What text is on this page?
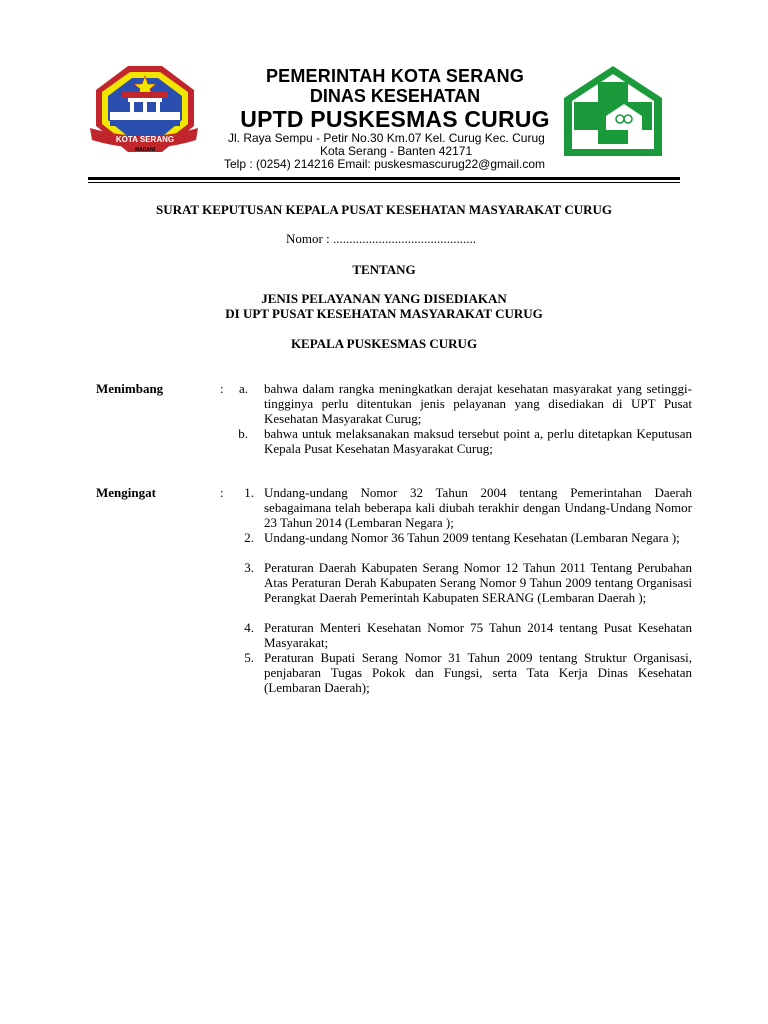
KOTA SERANG
MADANI
PEMERINTAH KOTA SERANG
DINAS KESEHATAN
UPTD PUSKESMAS CURUG
Jl. Raya Sempu - Petir No.30 Km.07 Kel. Curug Kec. Curug
Kota Serang - Banten 42171
Telp : (0254) 214216 Email: puskesmascurug22@gmail.com
SURAT KEPUTUSAN KEPALA PUSAT KESEHATAN MASYARAKAT CURUG
Nomor : ............................................
TENTANG
JENIS PELAYANAN YANG DISEDIAKAN
DI UPT PUSAT KESEHATAN MASYARAKAT CURUG
KEPALA PUSKESMAS CURUG
Menimbang	:	a. bahwa dalam rangka meningkatkan derajat kesehatan masyarakat yang setinggi-tingginya perlu ditentukan jenis pelayanan yang disediakan di UPT Pusat Kesehatan Masyarakat Curug;
b. bahwa untuk melaksanakan maksud tersebut point a, perlu ditetapkan Keputusan Kepala Pusat Kesehatan Masyarakat Curug;
Mengingat	:	1. Undang-undang Nomor 32 Tahun 2004 tentang Pemerintahan Daerah sebagaimana telah beberapa kali diubah terakhir dengan Undang-Undang Nomor 23 Tahun 2014 (Lembaran Negara );
2. Undang-undang Nomor 36 Tahun 2009 tentang Kesehatan (Lembaran Negara );
3. Peraturan Daerah Kabupaten Serang Nomor 12 Tahun 2011 Tentang Perubahan Atas Peraturan Derah Kabupaten Serang Nomor 9 Tahun 2009 tentang Organisasi Perangkat Daerah Pemerintah Kabupaten SERANG (Lembaran Daerah );
4. Peraturan Menteri Kesehatan Nomor 75 Tahun 2014 tentang Pusat Kesehatan Masyarakat;
5. Peraturan Bupati Serang Nomor 31 Tahun 2009 tentang Struktur Organisasi, penjabaran Tugas Pokok dan Fungsi, serta Tata Kerja Dinas Kesehatan (Lembaran Daerah);
